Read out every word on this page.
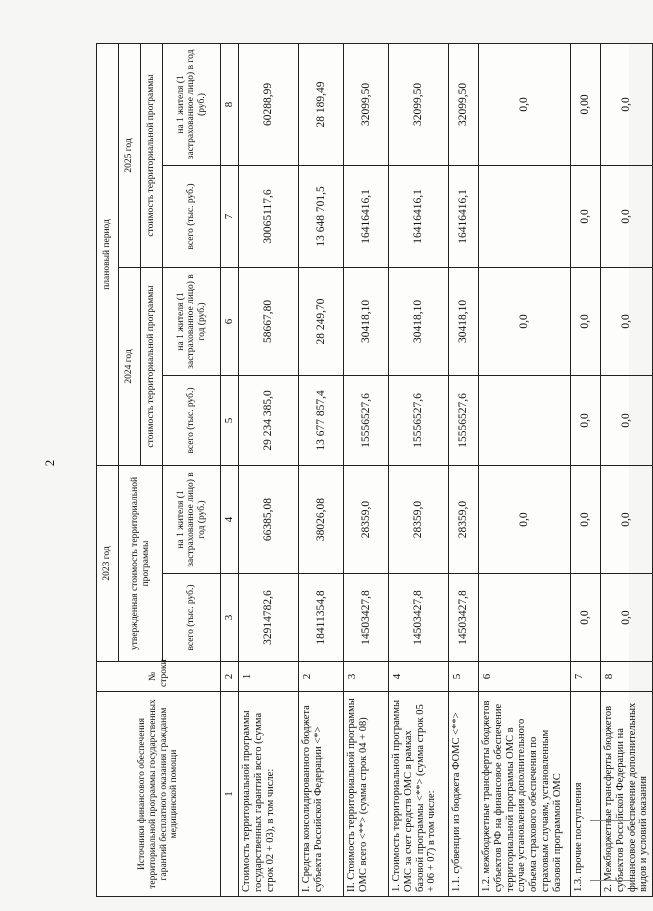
2
Источники финансового обеспечения территориальной программы государственных гарантий бесплатного оказания гражданам медицинской помощи	№ строки	2023 год		плановый период			
		утвержденная стоимость территориальной программы		2024 год		2025 год	
				стоимость территориальной программы		стоимость территориальной программы	
		всего (тыс. руб.)	на 1 жителя (1 застрахованное лицо) в год (руб.)	всего (тыс. руб.)	на 1 жителя (1 застрахованное лицо) в год (руб.)	всего (тыс. руб.)	на 1 жителя (1 застрахованное лицо) в год (руб.)
1	2	3	4	5	6	7	8
Стоимость территориальной программы государственных гарантий всего (сумма строк 02 + 03), в том числе:	1	32914782,6	66385,08	29 234 385,0	58667,80	30065117,6	60288,99
I. Средства консолидированного бюджета субъекта Российской Федерации <*>	2	18411354,8	38026,08	13 677 857,4	28 249,70	13 648 701,5	28 189,49
II. Стоимость территориальной программы ОМС всего <**> (сумма строк 04 + 08)	3	14503427,8	28359,0	15556527,6	30418,10	16416416,1	32099,50
1. Стоимость территориальной программы ОМС за счет средств ОМС в рамках базовой программы <**> (сумма строк 05 + 06 + 07) в том числе:	4	14503427,8	28359,0	15556527,6	30418,10	16416416,1	32099,50
1.1. субвенции из бюджета ФОМС <**>	5	14503427,8	28359,0	15556527,6	30418,10	16416416,1	32099,50
1.2. межбюджетные трансферты бюджетов субъектов РФ на финансовое обеспечение территориальной программы ОМС в случае установления дополнительного объема страхового обеспечения по страховым случаям, установленным базовой программой ОМС	6		0,0		0,0		0,0
1.3. прочие поступления	7	0,0	0,0	0,0	0,0	0,0	0,00
2. Межбюджетные трансферты бюджетов субъектов Российской Федерации на финансовое обеспечение дополнительных видов и условий оказания	8	0,0	0,0	0,0	0,0	0,0	0,0
